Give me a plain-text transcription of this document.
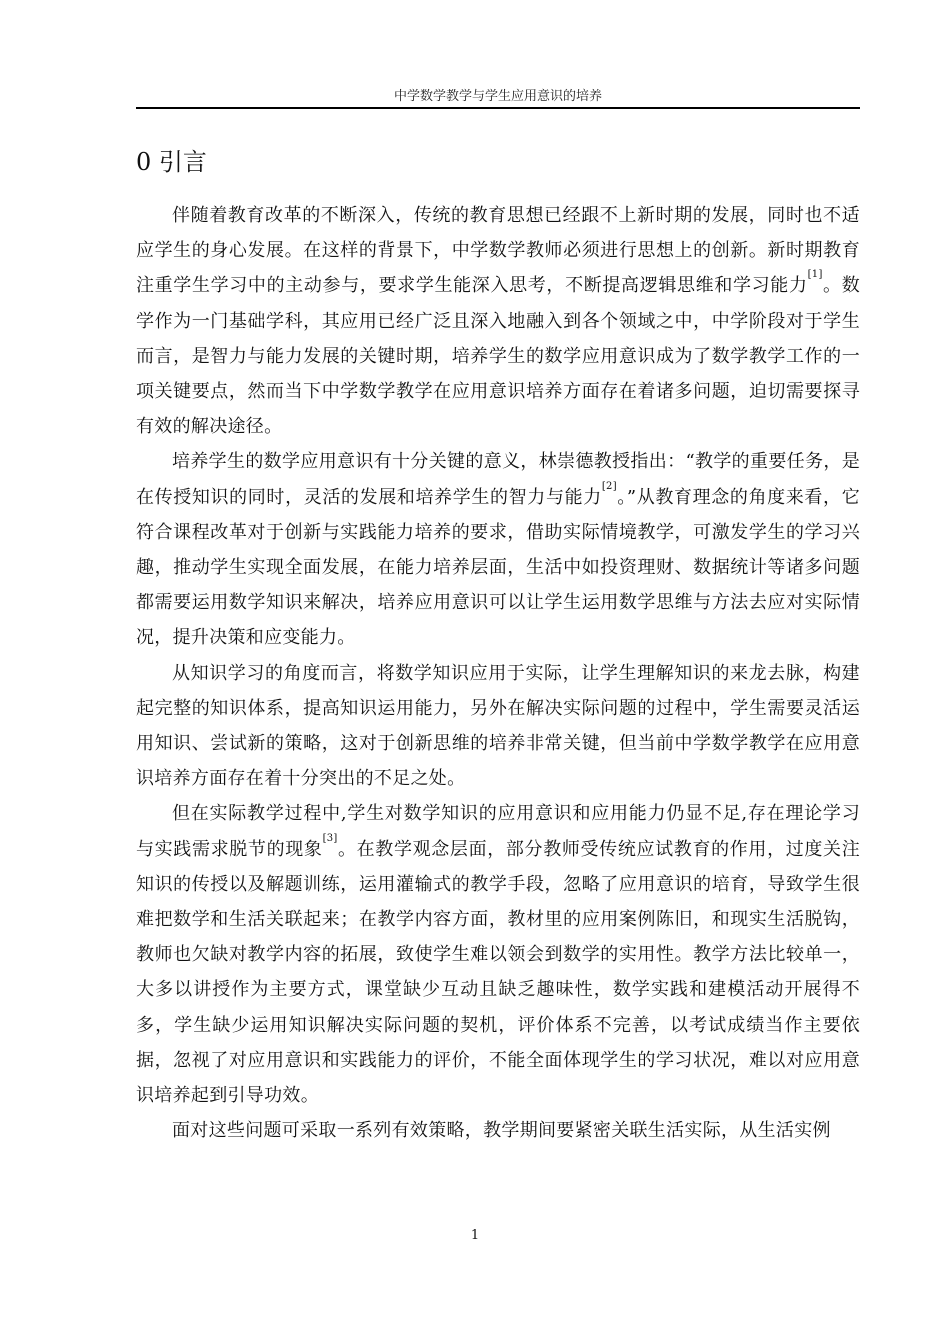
中学数学教学与学生应用意识的培养
0 引言

伴随着教育改革的不断深入，传统的教育思想已经跟不上新时期的发展，同时也不适应学生的身心发展。在这样的背景下，中学数学教师必须进行思想上的创新。新时期教育注重学生学习中的主动参与，要求学生能深入思考，不断提高逻辑思维和学习能力[1]。数学作为一门基础学科，其应用已经广泛且深入地融入到各个领域之中，中学阶段对于学生而言，是智力与能力发展的关键时期，培养学生的数学应用意识成为了数学教学工作的一项关键要点，然而当下中学数学教学在应用意识培养方面存在着诸多问题，迫切需要探寻有效的解决途径。

培养学生的数学应用意识有十分关键的意义，林崇德教授指出：“教学的重要任务，是在传授知识的同时，灵活的发展和培养学生的智力与能力[2]。”从教育理念的角度来看，它符合课程改革对于创新与实践能力培养的要求，借助实际情境教学，可激发学生的学习兴趣，推动学生实现全面发展，在能力培养层面，生活中如投资理财、数据统计等诸多问题都需要运用数学知识来解决，培养应用意识可以让学生运用数学思维与方法去应对实际情况，提升决策和应变能力。

从知识学习的角度而言，将数学知识应用于实际，让学生理解知识的来龙去脉，构建起完整的知识体系，提高知识运用能力，另外在解决实际问题的过程中，学生需要灵活运用知识、尝试新的策略，这对于创新思维的培养非常关键，但当前中学数学教学在应用意识培养方面存在着十分突出的不足之处。

但在实际教学过程中,学生对数学知识的应用意识和应用能力仍显不足,存在理论学习与实践需求脱节的现象[3]。在教学观念层面，部分教师受传统应试教育的作用，过度关注知识的传授以及解题训练，运用灌输式的教学手段，忽略了应用意识的培育，导致学生很难把数学和生活关联起来；在教学内容方面，教材里的应用案例陈旧，和现实生活脱钩，教师也欠缺对教学内容的拓展，致使学生难以领会到数学的实用性。教学方法比较单一，大多以讲授作为主要方式，课堂缺少互动且缺乏趣味性，数学实践和建模活动开展得不多，学生缺少运用知识解决实际问题的契机，评价体系不完善，以考试成绩当作主要依据，忽视了对应用意识和实践能力的评价，不能全面体现学生的学习状况，难以对应用意识培养起到引导功效。

面对这些问题可采取一系列有效策略，教学期间要紧密关联生活实际，从生活实例

1
